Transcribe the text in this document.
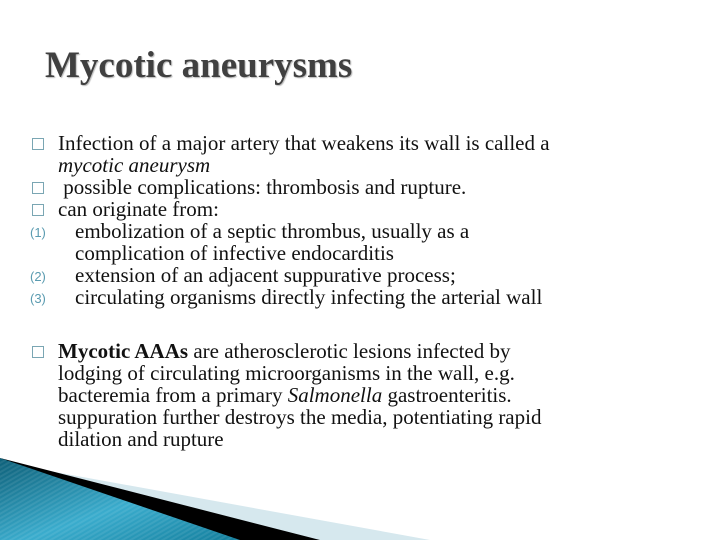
Mycotic aneurysms
Infection of a major artery that weakens its wall is called a
mycotic aneurysm
possible complications: thrombosis and rupture.
can originate from:
(1)	embolization of a septic thrombus, usually as a
complication of infective endocarditis
(2)	extension of an adjacent suppurative process;
(3)	circulating organisms directly infecting the arterial wall
Mycotic AAAs are atherosclerotic lesions infected by
lodging of circulating microorganisms in the wall, e.g.
bacteremia from a primary Salmonella gastroenteritis.
suppuration further destroys the media, potentiating rapid
dilation and rupture
